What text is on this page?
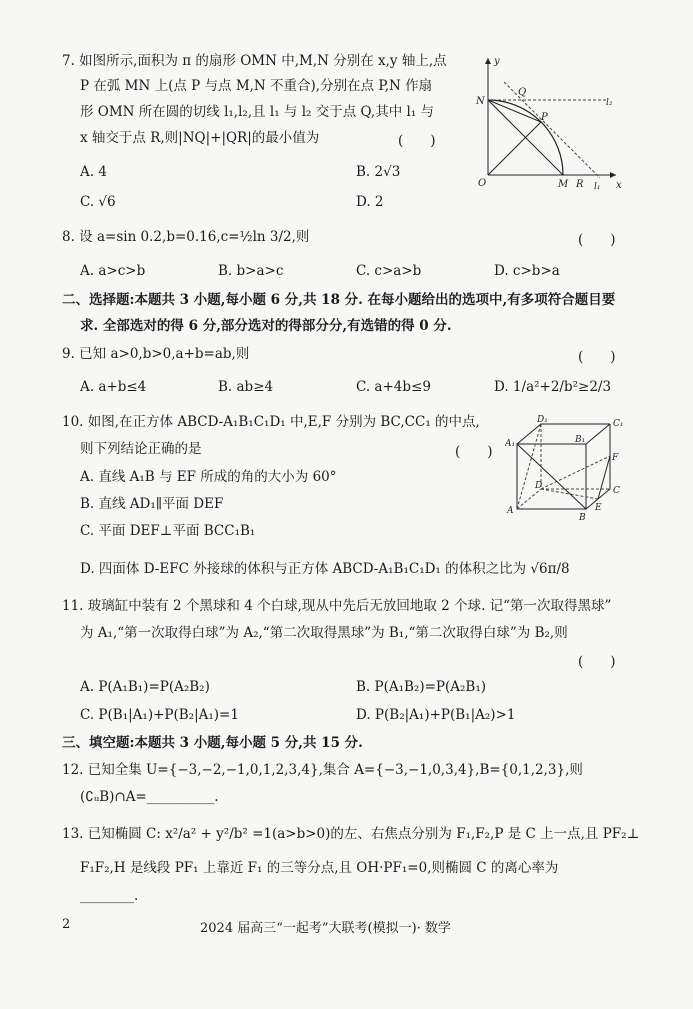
7. 如图所示,面积为 π 的扇形 OMN 中,M,N 分别在 x,y 轴上,点
P 在弧 MN 上(点 P 与点 M,N 不重合),分别在点 P,N 作扇
形 OMN 所在圆的切线 l₁,l₂,且 l₁ 与 l₂ 交于点 Q,其中 l₁ 与
x 轴交于点 R,则|NQ|+|QR|的最小值为	(　　)
A. 4	B. 2√3
C. √6	D. 2
O	M
N
P
Q
R	x
y
l₂
l₁
8. 设 a=sin 0.2,b=0.16,c=½ln 3/2,则	(　　)
A. a>c>b	B. b>a>c	C. c>a>b	D. c>b>a
二、选择题:本题共 3 小题,每小题 6 分,共 18 分. 在每小题给出的选项中,有多项符合题目要
求. 全部选对的得 6 分,部分选对的得部分分,有选错的得 0 分.
9. 已知 a>0,b>0,a+b=ab,则	(　　)
A. a+b≤4	B. ab≥4	C. a+4b≤9	D. 1/a²+2/b²≥2/3
10. 如图,在正方体 ABCD-A₁B₁C₁D₁ 中,E,F 分别为 BC,CC₁ 的中点,
则下列结论正确的是	(　　)
A. 直线 A₁B 与 EF 所成的角的大小为 60°
B. 直线 AD₁∥平面 DEF
C. 平面 DEF⊥平面 BCC₁B₁
D. 四面体 D-EFC 外接球的体积与正方体 ABCD-A₁B₁C₁D₁ 的体积之比为 √6π/8
A₁
D₁	C₁
B₁
D	C
A
B
E
F
11. 玻璃缸中装有 2 个黑球和 4 个白球,现从中先后无放回地取 2 个球. 记“第一次取得黑球”
为 A₁,“第一次取得白球”为 A₂,“第二次取得黑球”为 B₁,“第二次取得白球”为 B₂,则
(　　)
A. P(A₁B₁)=P(A₂B₂)	B. P(A₁B₂)=P(A₂B₁)
C. P(B₁|A₁)+P(B₂|A₁)=1	D. P(B₂|A₁)+P(B₁|A₂)>1
三、填空题:本题共 3 小题,每小题 5 分,共 15 分.
12. 已知全集 U={−3,−2,−1,0,1,2,3,4},集合 A={−3,−1,0,3,4},B={0,1,2,3},则
(∁ᵤB)∩A=__________.
13. 已知椭圆 C: x²/a² + y²/b² =1(a>b>0)的左、右焦点分别为 F₁,F₂,P 是 C 上一点,且 PF₂⊥
F₁F₂,H 是线段 PF₁ 上靠近 F₁ 的三等分点,且 OH·PF₁=0,则椭圆 C 的离心率为
________.
2	2024 届高三“一起考”大联考(模拟一)· 数学
